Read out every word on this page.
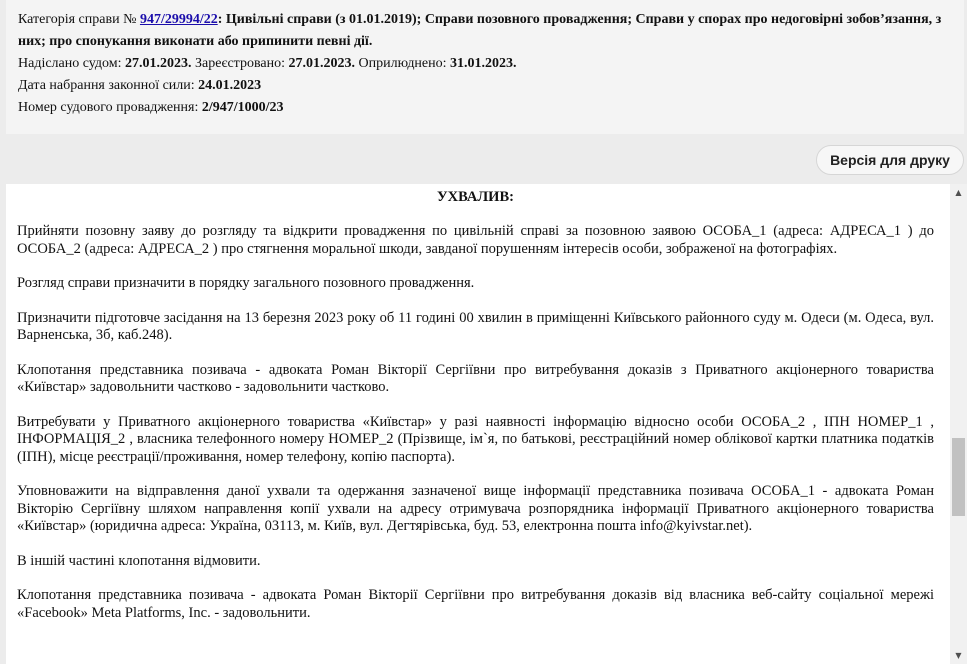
Категорія справи № 947/29994/22: Цивільні справи (з 01.01.2019); Справи позовного провадження; Справи у спорах про недоговірні зобов’язання, з них; про спонукання виконати або припинити певні дії.

Надіслано судом: 27.01.2023. Зареєстровано: 27.01.2023. Оприлюднено: 31.01.2023.

Дата набрання законної сили: 24.01.2023

Номер судового провадження: 2/947/1000/23

Версія для друку

УХВАЛИВ:

Прийняти позовну заяву до розгляду та відкрити провадження по цивільній справі за позовною заявою ОСОБА_1 (адреса: АДРЕСА_1 ) до ОСОБА_2 (адреса: АДРЕСА_2 ) про стягнення моральної шкоди, завданої порушенням інтересів особи, зображеної на фотографіях.

Розгляд справи призначити в порядку загального позовного провадження.

Призначити підготовче засідання на 13 березня 2023 року об 11 годині 00 хвилин в приміщенні Київського районного суду м. Одеси (м. Одеса, вул. Варненська, 3б, каб.248).

Клопотання представника позивача - адвоката Роман Вікторії Сергіївни про витребування доказів з Приватного акціонерного товариства «Київстар» задовольнити частково - задовольнити частково.

Витребувати у Приватного акціонерного товариства «Київстар» у разі наявності інформацію відносно особи ОСОБА_2 , ІПН НОМЕР_1 , ІНФОРМАЦІЯ_2 , власника телефонного номеру НОМЕР_2 (Прізвище, ім`я, по батькові, реєстраційний номер облікової картки платника податків (ІПН), місце реєстрації/проживання, номер телефону, копію паспорта).

Уповноважити на відправлення даної ухвали та одержання зазначеної вище інформації представника позивача ОСОБА_1 - адвоката Роман Вікторію Сергіївну шляхом направлення копії ухвали на адресу отримувача розпорядника інформації Приватного акціонерного товариства «Київстар» (юридична адреса: Україна, 03113, м. Київ, вул. Дегтярівська, буд. 53, електронна пошта info@kyivstar.net).

В іншій частині клопотання відмовити.

Клопотання представника позивача - адвоката Роман Вікторії Сергіївни про витребування доказів від власника веб-сайту соціальної мережі «Facebook» Meta Platforms, Inc. - задовольнити.

▲
▼
